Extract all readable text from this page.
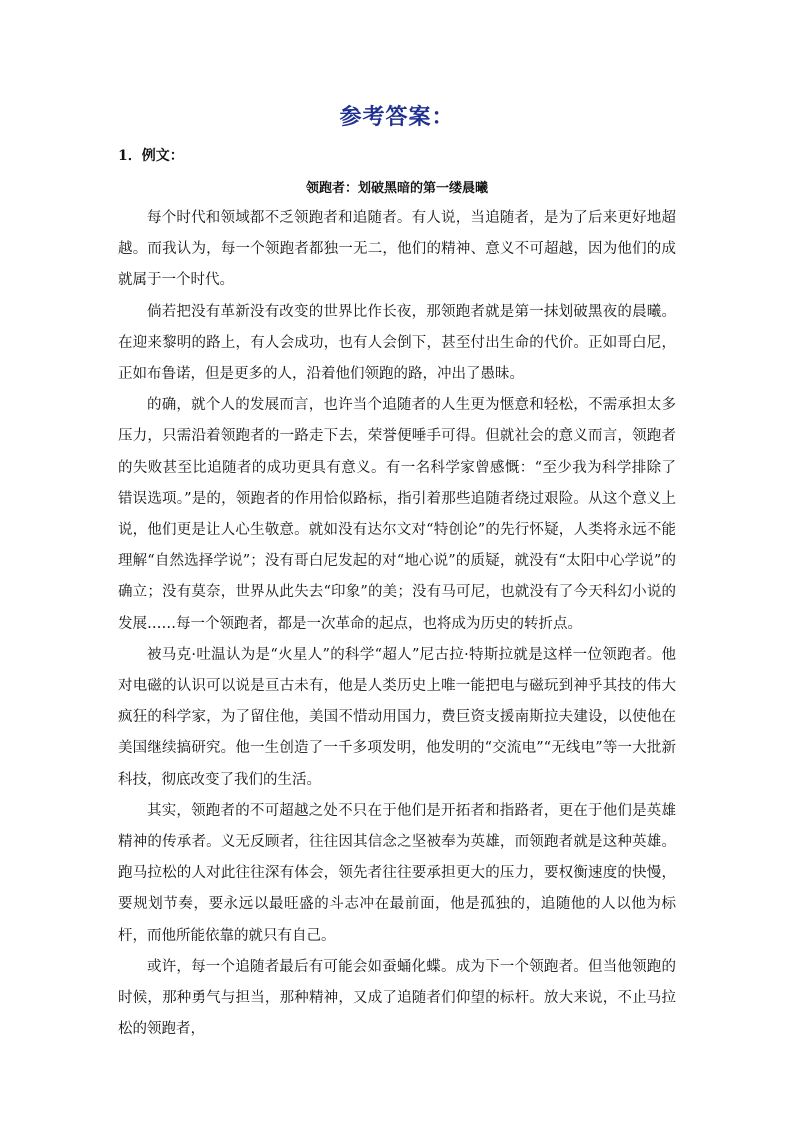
参考答案：
1．例文：
领跑者：划破黑暗的第一缕晨曦

每个时代和领域都不乏领跑者和追随者。有人说，当追随者，是为了后来更好地超越。而我认为，每一个领跑者都独一无二，他们的精神、意义不可超越，因为他们的成就属于一个时代。

倘若把没有革新没有改变的世界比作长夜，那领跑者就是第一抹划破黑夜的晨曦。在迎来黎明的路上，有人会成功，也有人会倒下，甚至付出生命的代价。正如哥白尼，正如布鲁诺，但是更多的人，沿着他们领跑的路，冲出了愚昧。

的确，就个人的发展而言，也许当个追随者的人生更为惬意和轻松，不需承担太多压力，只需沿着领跑者的一路走下去，荣誉便唾手可得。但就社会的意义而言，领跑者的失败甚至比追随者的成功更具有意义。有一名科学家曾感慨：“至少我为科学排除了错误选项。”是的，领跑者的作用恰似路标，指引着那些追随者绕过艰险。从这个意义上说，他们更是让人心生敬意。就如没有达尔文对“特创论”的先行怀疑，人类将永远不能理解“自然选择学说”；没有哥白尼发起的对“地心说”的质疑，就没有“太阳中心学说”的确立；没有莫奈，世界从此失去“印象”的美；没有马可尼，也就没有了今天科幻小说的发展……每一个领跑者，都是一次革命的起点，也将成为历史的转折点。

被马克·吐温认为是“火星人”的科学“超人”尼古拉·特斯拉就是这样一位领跑者。他对电磁的认识可以说是亘古未有，他是人类历史上唯一能把电与磁玩到神乎其技的伟大疯狂的科学家，为了留住他，美国不惜动用国力，费巨资支援南斯拉夫建设，以使他在美国继续搞研究。他一生创造了一千多项发明，他发明的“交流电”“无线电”等一大批新科技，彻底改变了我们的生活。

其实，领跑者的不可超越之处不只在于他们是开拓者和指路者，更在于他们是英雄精神的传承者。义无反顾者，往往因其信念之坚被奉为英雄，而领跑者就是这种英雄。跑马拉松的人对此往往深有体会，领先者往往要承担更大的压力，要权衡速度的快慢，要规划节奏，要永远以最旺盛的斗志冲在最前面，他是孤独的，追随他的人以他为标杆，而他所能依靠的就只有自己。

或许，每一个追随者最后有可能会如蚕蛹化蝶。成为下一个领跑者。但当他领跑的时候，那种勇气与担当，那种精神，又成了追随者们仰望的标杆。放大来说，不止马拉松的领跑者，
